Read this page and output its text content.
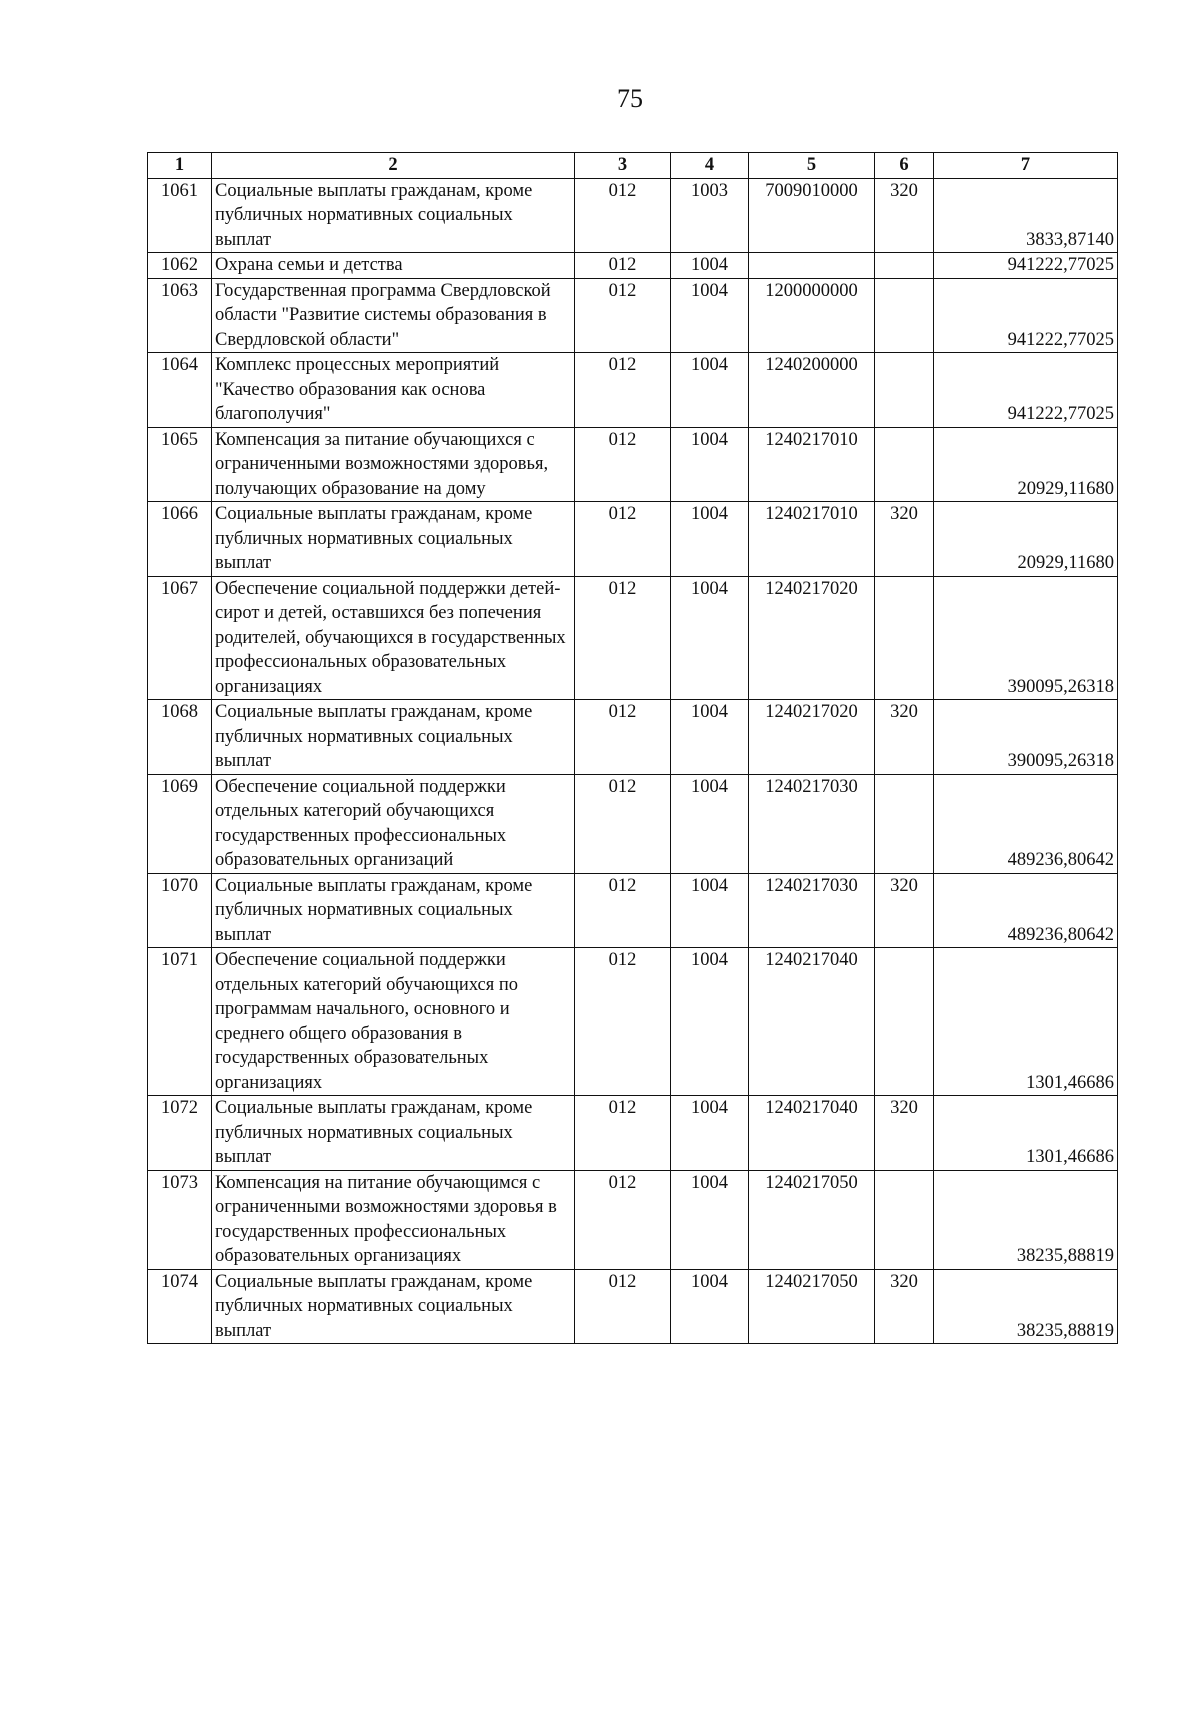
75
1	2	3	4	5	6	7
1061	Социальные выплаты гражданам, кроме публичных нормативных социальных выплат	012	1003	7009010000	320	3833,87140
1062	Охрана семьи и детства	012	1004			941222,77025
1063	Государственная программа Свердловской области "Развитие системы образования в Свердловской области"	012	1004	1200000000		941222,77025
1064	Комплекс процессных мероприятий "Качество образования как основа благополучия"	012	1004	1240200000		941222,77025
1065	Компенсация за питание обучающихся с ограниченными возможностями здоровья, получающих образование на дому	012	1004	1240217010		20929,11680
1066	Социальные выплаты гражданам, кроме публичных нормативных социальных выплат	012	1004	1240217010	320	20929,11680
1067	Обеспечение социальной поддержки детей-сирот и детей, оставшихся без попечения родителей, обучающихся в государственных профессиональных образовательных организациях	012	1004	1240217020		390095,26318
1068	Социальные выплаты гражданам, кроме публичных нормативных социальных выплат	012	1004	1240217020	320	390095,26318
1069	Обеспечение социальной поддержки отдельных категорий обучающихся государственных профессиональных образовательных организаций	012	1004	1240217030		489236,80642
1070	Социальные выплаты гражданам, кроме публичных нормативных социальных выплат	012	1004	1240217030	320	489236,80642
1071	Обеспечение социальной поддержки отдельных категорий обучающихся по программам начального, основного и среднего общего образования в государственных образовательных организациях	012	1004	1240217040		1301,46686
1072	Социальные выплаты гражданам, кроме публичных нормативных социальных выплат	012	1004	1240217040	320	1301,46686
1073	Компенсация на питание обучающимся с ограниченными возможностями здоровья в государственных профессиональных образовательных организациях	012	1004	1240217050		38235,88819
1074	Социальные выплаты гражданам, кроме публичных нормативных социальных выплат	012	1004	1240217050	320	38235,88819
